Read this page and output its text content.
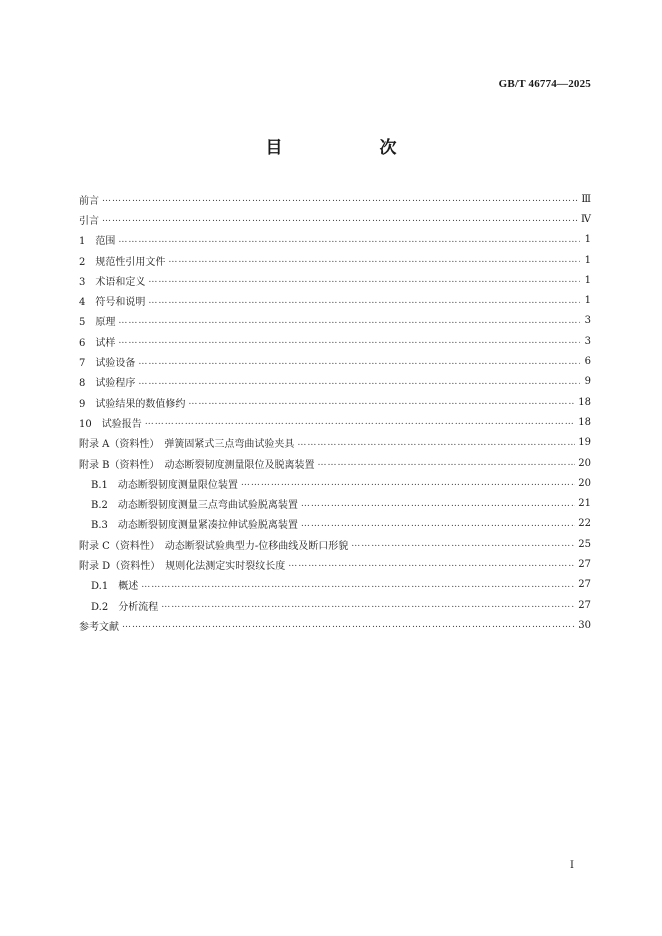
GB/T 46774—2025
目　次
前言 ………………………………………………………………………………………………………………………………………………………………………………………………………………………………………………	Ⅲ
引言 ………………………………………………………………………………………………………………………………………………………………………………………………………………………………………………	Ⅳ
1　范围 ………………………………………………………………………………………………………………………………………………………………………………………………………………………………………………	1
2　规范性引用文件 ………………………………………………………………………………………………………………………………………………………………………………………………………………………………………………	1
3　术语和定义 ………………………………………………………………………………………………………………………………………………………………………………………………………………………………………………	1
4　符号和说明 ………………………………………………………………………………………………………………………………………………………………………………………………………………………………………………	1
5　原理 ………………………………………………………………………………………………………………………………………………………………………………………………………………………………………………	3
6　试样 ………………………………………………………………………………………………………………………………………………………………………………………………………………………………………………	3
7　试验设备 ………………………………………………………………………………………………………………………………………………………………………………………………………………………………………………	6
8　试验程序 ………………………………………………………………………………………………………………………………………………………………………………………………………………………………………………	9
9　试验结果的数值修约 ………………………………………………………………………………………………………………………………………………………………………………………………………………………………………………	18
10　试验报告 ………………………………………………………………………………………………………………………………………………………………………………………………………………………………………………	18
附录 A（资料性）　弹簧固紧式三点弯曲试验夹具 ………………………………………………………………………………………………………………………………………………………………………………………………………………………………………………	19
附录 B（资料性）　动态断裂韧度测量限位及脱离装置 ………………………………………………………………………………………………………………………………………………………………………………………………………………………………………………	20
B.1　动态断裂韧度测量限位装置 ………………………………………………………………………………………………………………………………………………………………………………………………………………………………………………	20
B.2　动态断裂韧度测量三点弯曲试验脱离装置 ………………………………………………………………………………………………………………………………………………………………………………………………………………………………………………	21
B.3　动态断裂韧度测量紧凑拉伸试验脱离装置 ………………………………………………………………………………………………………………………………………………………………………………………………………………………………………………	22
附录 C（资料性）　动态断裂试验典型力-位移曲线及断口形貌 ………………………………………………………………………………………………………………………………………………………………………………………………………………………………………………	25
附录 D（资料性）　规则化法测定实时裂纹长度 ………………………………………………………………………………………………………………………………………………………………………………………………………………………………………………	27
D.1　概述 ………………………………………………………………………………………………………………………………………………………………………………………………………………………………………………	27
D.2　分析流程 ………………………………………………………………………………………………………………………………………………………………………………………………………………………………………………	27
参考文献 ………………………………………………………………………………………………………………………………………………………………………………………………………………………………………………	30
Ⅰ
